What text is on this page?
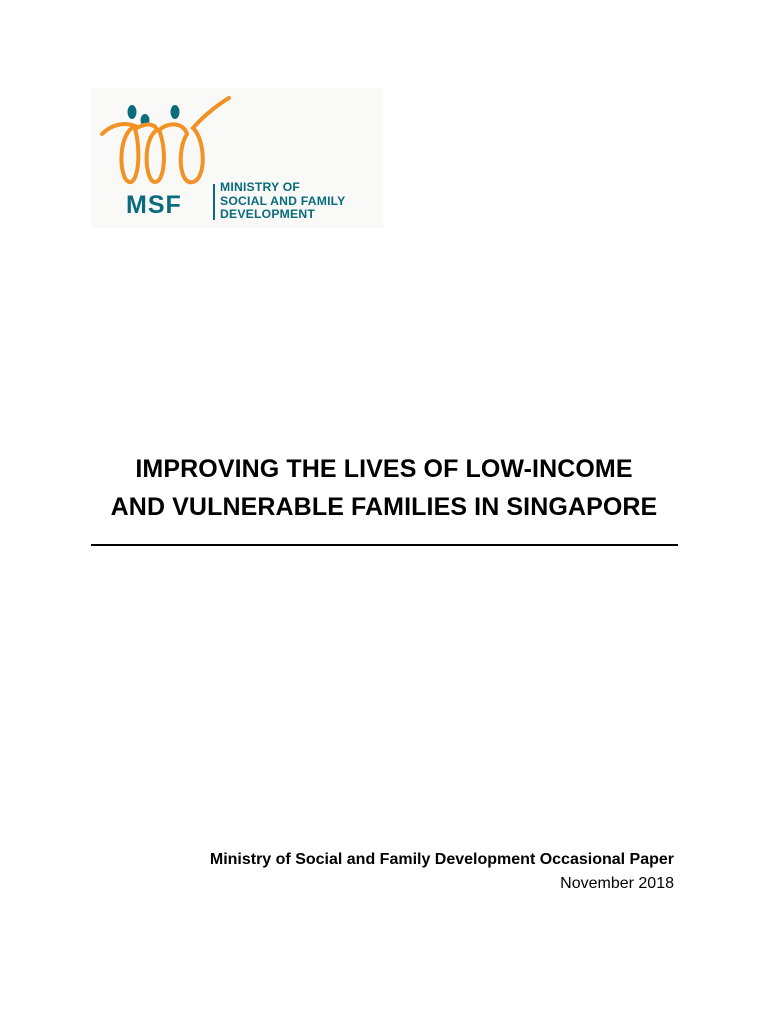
MSF
MINISTRY OF
SOCIAL AND FAMILY
DEVELOPMENT
IMPROVING THE LIVES OF LOW-INCOME
AND VULNERABLE FAMILIES IN SINGAPORE
Ministry of Social and Family Development Occasional Paper
November 2018
